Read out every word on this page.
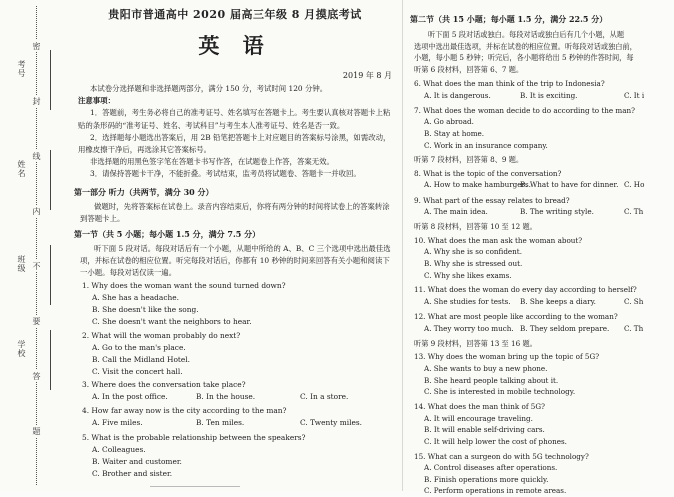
考号
姓名
班级
学校
密
封
线
内
不
要
答
题
贵阳市普通高中 2020 届高三年级 8 月摸底考试
英 语
2019 年 8 月

本试卷分选择题和非选择题两部分，满分 150 分，考试时间 120 分钟。

注意事项：

1．答题前，考生务必将自己的准考证号、姓名填写在答题卡上。考生要认真核对答题卡上粘贴的条形码的“准考证号、姓名、考试科目”与考生本人准考证号、姓名是否一致。

2．选择题每小题选出答案后，用 2B 铅笔把答题卡上对应题目的答案标号涂黑，如需改动，用橡皮擦干净后，再选涂其它答案标号。

非选择题的用黑色签字笔在答题卡书写作答，在试题卷上作答，答案无效。

3．请保持答题卡干净，不能折叠。考试结束，监考员将试题卷、答题卡一并收回。

第一部分 听力（共两节，满分 30 分）

做题时，先将答案标在试卷上。录音内容结束后，你将有两分钟的时间将试卷上的答案转涂到答题卡上。

第一节（共 5 小题；每小题 1.5 分，满分 7.5 分）

听下面 5 段对话。每段对话后有一个小题，从题中所给的 A、B、C 三个选项中选出最佳选项，并标在试卷的相应位置。听完每段对话后，你都有 10 秒钟的时间来回答有关小题和阅读下一小题。每段对话仅读一遍。

1. Why does the woman want the sound turned down?

A. She has a headache.

B. She doesn't like the song.

C. She doesn't want the neighbors to hear.

2. What will the woman probably do next?

A. Go to the man's place.

B. Call the Midland Hotel.

C. Visit the concert hall.

3. Where does the conversation take place?

A. In the post office.	B. In the house.	C. In a store.

4. How far away now is the city according to the man?

A. Five miles.	B. Ten miles.	C. Twenty miles.

5. What is the probable relationship between the speakers?

A. Colleagues.

B. Waiter and customer.

C. Brother and sister.

第二节（共 15 小题；每小题 1.5 分，满分 22.5 分）

听下面 5 段对话或独白。每段对话或独白后有几个小题，从题

选项中选出最佳选项，并标在试卷的相应位置。听每段对话或独白前，

小题，每小题 5 秒钟；听完后，各小题将给出 5 秒钟的作答时间，每

听第 6 段材料，回答第 6、7 题。

6. What does the man think of the trip to Indonesia?

A. It is dangerous.	B. It is exciting.	C. It i

7. What does the woman decide to do according to the man?

A. Go abroad.

B. Stay at home.

C. Work in an insurance company.

听第 7 段材料，回答第 8、9 题。

8. What is the topic of the conversation?

A. How to make hamburgers.
B. What to have for dinner. C. Ho

9. What part of the essay relates to bread?

A. The main idea.	B. The writing style.	C. Th

听第 8 段材料，回答第 10 至 12 题。

10. What does the man ask the woman about?

A. Why she is so confident.

B. Why she is stressed out.

C. Why she likes exams.

11. What does the woman do every day according to herself?

A. She studies for tests.	B. She keeps a diary.	C. Sh

12. What are most people like according to the woman?

A. They worry too much. B. They seldom prepare.	C. Th

听第 9 段材料，回答第 13 至 16 题。

13. Why does the woman bring up the topic of 5G?

A. She wants to buy a new phone.

B. She heard people talking about it.

C. She is interested in mobile technology.

14. What does the man think of 5G?

A. It will encourage traveling.

B. It will enable self-driving cars.

C. It will help lower the cost of phones.

15. What can a surgeon do with 5G technology?

A. Control diseases after operations.

B. Finish operations more quickly.

C. Perform operations in remote areas.
